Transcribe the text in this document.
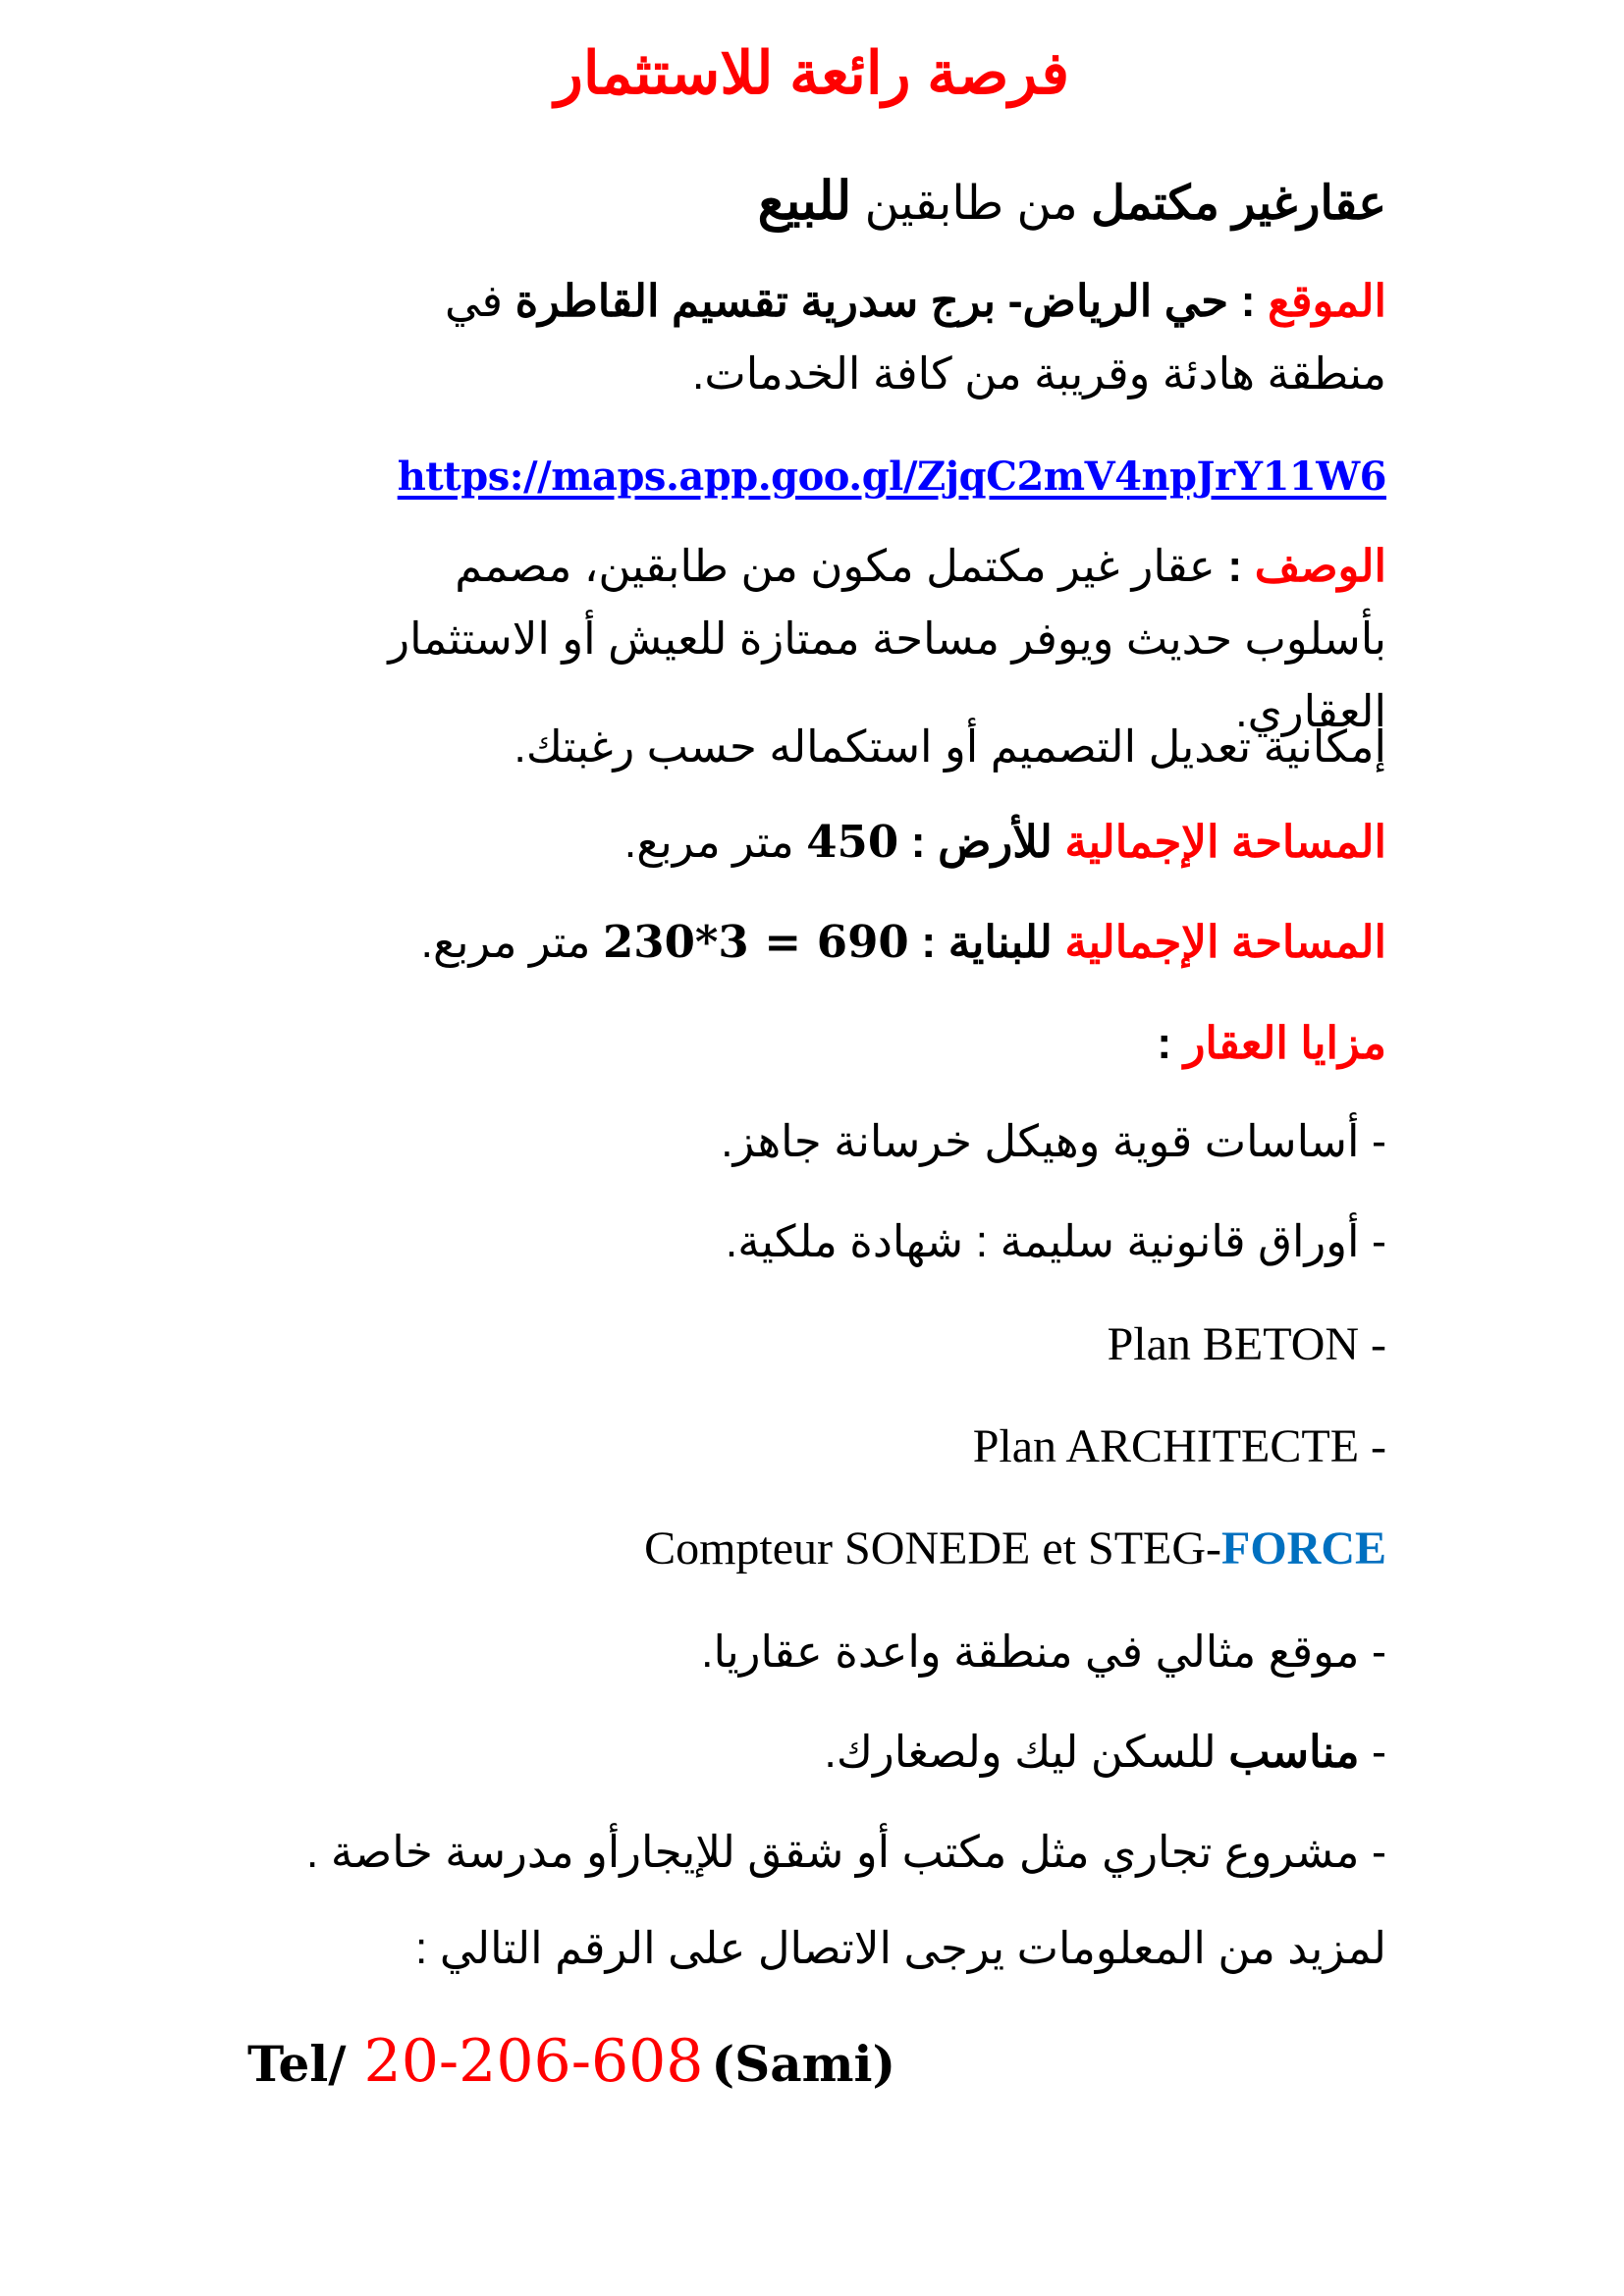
فرصة رائعة للاستثمار
عقارغير مكتمل من طابقين للبيع
الموقع : حي الرياض- برج سدرية تقسيم القاطرة في منطقة هادئة وقريبة من كافة الخدمات.
https://maps.app.goo.gl/ZjqC2mV4npJrY11W6
الوصف : عقار غير مكتمل مكون من طابقين، مصمم بأسلوب حديث ويوفر مساحة ممتازة للعيش أو الاستثمار العقاري.
إمكانية تعديل التصميم أو استكماله حسب رغبتك.
المساحة الإجمالية للأرض : 450 متر مربع.
المساحة الإجمالية للبناية : 230*3 = 690 متر مربع.
مزايا العقار :
- أساسات قوية وهيكل خرسانة جاهز.
- أوراق قانونية سليمة : شهادة ملكية.
Plan BETON -
Plan ARCHITECTE -
Compteur SONEDE et STEG-FORCE
- موقع مثالي في منطقة واعدة عقاريا.
- مناسب للسكن ليك ولصغارك.
- مشروع تجاري مثل مكتب أو شقق للإيجارأو مدرسة خاصة .
لمزيد من المعلومات يرجى الاتصال على الرقم التالي :
Tel/ 20-206-608 (Sami)
